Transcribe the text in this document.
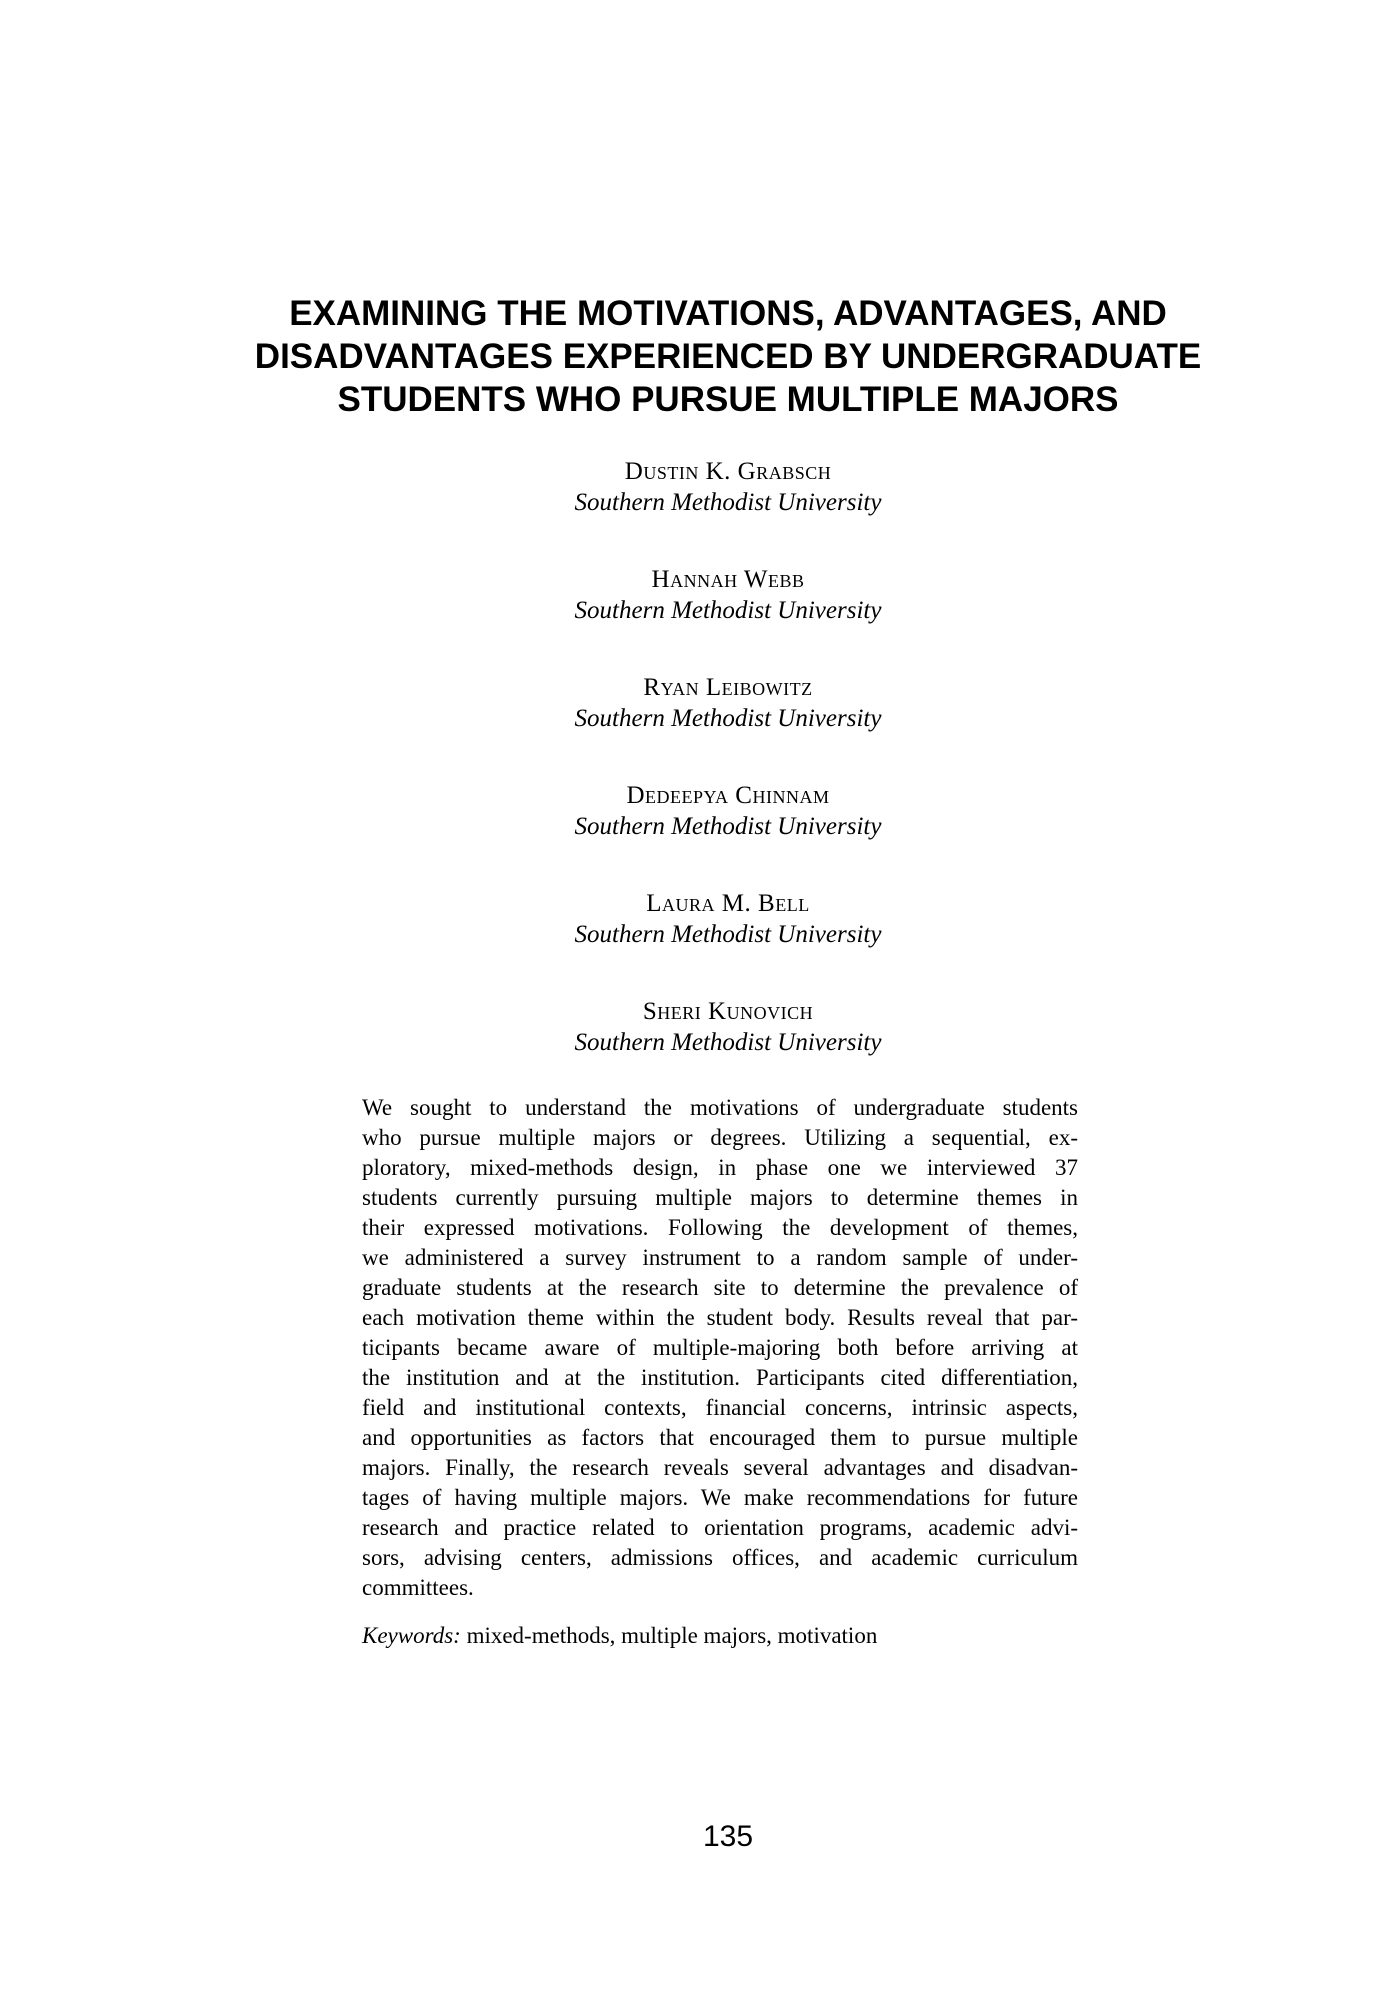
EXAMINING THE MOTIVATIONS, ADVANTAGES, AND
DISADVANTAGES EXPERIENCED BY UNDERGRADUATE
STUDENTS WHO PURSUE MULTIPLE MAJORS
Dustin K. Grabsch
Southern Methodist University
Hannah Webb
Southern Methodist University
Ryan Leibowitz
Southern Methodist University
Dedeepya Chinnam
Southern Methodist University
Laura M. Bell
Southern Methodist University
Sheri Kunovich
Southern Methodist University
We sought to understand the motivations of undergraduate students
who pursue multiple majors or degrees. Utilizing a sequential, ex-
ploratory, mixed-methods design, in phase one we interviewed 37
students currently pursuing multiple majors to determine themes in
their expressed motivations. Following the development of themes,
we administered a survey instrument to a random sample of under-
graduate students at the research site to determine the prevalence of
each motivation theme within the student body. Results reveal that par-
ticipants became aware of multiple-majoring both before arriving at
the institution and at the institution. Participants cited differentiation,
field and institutional contexts, financial concerns, intrinsic aspects,
and opportunities as factors that encouraged them to pursue multiple
majors. Finally, the research reveals several advantages and disadvan-
tages of having multiple majors. We make recommendations for future
research and practice related to orientation programs, academic advi-
sors, advising centers, admissions offices, and academic curriculum
committees.

Keywords: mixed-methods, multiple majors, motivation

135
